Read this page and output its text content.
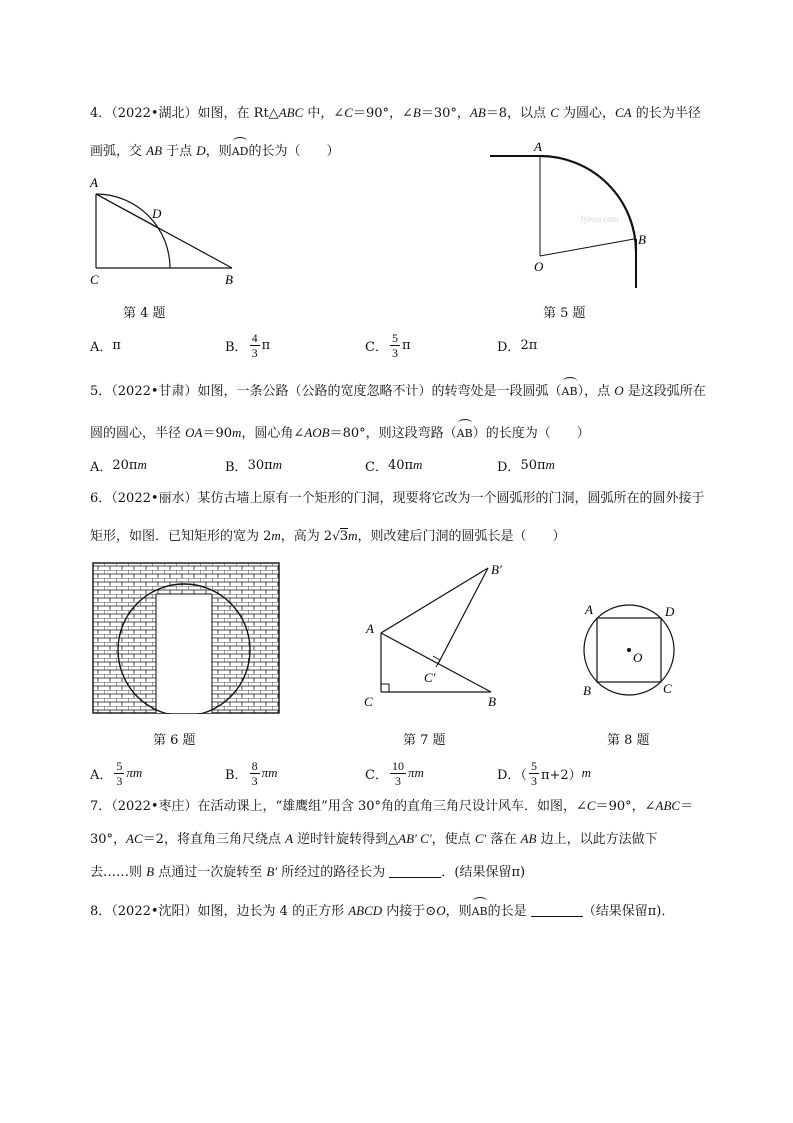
4．（2022•湖北）如图，在 Rt△ABC 中，∠C＝90°，∠B＝30°，AB＝8，以点 C 为圆心，CA 的长为半径
画弧，交 AB 于点 D，则AD的长为（　　）
A
D
C	B
第 4 题
Jyeoo.com
A
B
O
第 5 题
A． π	B． $\frac{4}{3}$ π	C． $\frac{5}{3}$ π	D． 2π
5．（2022•甘肃）如图，一条公路（公路的宽度忽略不计）的转弯处是一段圆弧（AB），点 O 是这段弧所在
圆的圆心，半径 OA＝90m，圆心角∠AOB＝80°，则这段弯路（AB）的长度为（　　）
A． 20π m	B． 30π m	C． 40π m	D． 50π m
6．（2022•丽水）某仿古墙上原有一个矩形的门洞，现要将它改为一个圆弧形的门洞，圆弧所在的圆外接于
矩形，如图．已知矩形的宽为 2m，高为 2√3m，则改建后门洞的圆弧长是（　　）
第 6 题
B′
A
C′
C	B
第 7 题
A	D
O
B	C
第 8 题
A． $\frac{5}{3}$ π m	B． $\frac{8}{3}$ π m	C． $\frac{10}{3}$ π m	D．（ $\frac{5}{3} \pi+2$） m
7．（2022•枣庄）在活动课上，“雄鹰组”用含 30°角的直角三角尺设计风车．如图，∠C＝90°，∠ABC＝
30°，AC＝2，将直角三角尺绕点 A 逆时针旋转得到△AB′ C′，使点 C′ 落在 AB 边上，以此方法做下
去……则 B 点通过一次旋转至 B′ 所经过的路径长为	．(结果保留π)
8．（2022•沈阳）如图，边长为 4 的正方形 ABCD 内接于⊙O，则AB的长是	（结果保留π)．
